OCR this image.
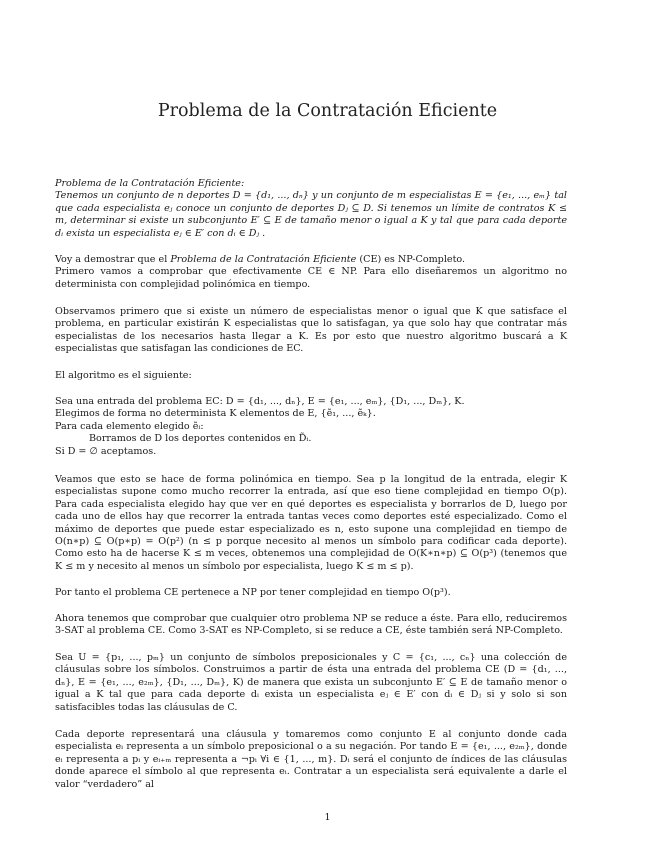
Problema de la Contratación Eficiente

Problema de la Contratación Eficiente:

Tenemos un conjunto de n deportes D = {d₁, ..., dₙ} y un conjunto de m especialistas E = {e₁, ..., eₘ} tal que cada especialista eⱼ conoce un conjunto de deportes Dⱼ ⊆ D. Si tenemos un límite de contratos K ≤ m, determinar si existe un subconjunto E′ ⊆ E de tamaño menor o igual a K y tal que para cada deporte dᵢ exista un especialista eⱼ ∈ E′ con dᵢ ∈ Dⱼ .

Voy a demostrar que el Problema de la Contratación Eficiente (CE) es NP-Completo.

Primero vamos a comprobar que efectivamente CE ∈ NP. Para ello diseñaremos un algoritmo no determinista con complejidad polinómica en tiempo.

Observamos primero que si existe un número de especialistas menor o igual que K que satisface el problema, en particular existirán K especialistas que lo satisfagan, ya que solo hay que contratar más especialistas de los necesarios hasta llegar a K. Es por esto que nuestro algoritmo buscará a K especialistas que satisfagan las condiciones de EC.

El algoritmo es el siguiente:

Sea una entrada del problema EC: D = {d₁, ..., dₙ}, E = {e₁, ..., eₘ}, {D₁, ..., Dₘ}, K.

Elegimos de forma no determinista K elementos de E, {ẽ₁, ..., ẽₖ}.

Para cada elemento elegido ẽᵢ:

Borramos de D los deportes contenidos en D̃ᵢ.

Si D = ∅ aceptamos.

Veamos que esto se hace de forma polinómica en tiempo. Sea p la longitud de la entrada, elegir K especialistas supone como mucho recorrer la entrada, así que eso tiene complejidad en tiempo O(p). Para cada especialista elegido hay que ver en qué deportes es especialista y borrarlos de D, luego por cada uno de ellos hay que recorrer la entrada tantas veces como deportes esté especializado. Como el máximo de deportes que puede estar especializado es n, esto supone una complejidad en tiempo de O(n∗p) ⊆ O(p∗p) = O(p²) (n ≤ p porque necesito al menos un símbolo para codificar cada deporte). Como esto ha de hacerse K ≤ m veces, obtenemos una complejidad de O(K∗n∗p) ⊆ O(p³) (tenemos que K ≤ m y necesito al menos un símbolo por especialista, luego K ≤ m ≤ p).

Por tanto el problema CE pertenece a NP por tener complejidad en tiempo O(p³).

Ahora tenemos que comprobar que cualquier otro problema NP se reduce a éste. Para ello, reduciremos 3-SAT al problema CE. Como 3-SAT es NP-Completo, si se reduce a CE, éste también será NP-Completo.

Sea U = {p₁, ..., pₘ} un conjunto de símbolos preposicionales y C = {c₁, ..., cₙ} una colección de cláusulas sobre los símbolos. Construimos a partir de ésta una entrada del problema CE (D = {d₁, ..., dₙ}, E = {e₁, ..., e₂ₘ}, {D₁, ..., Dₘ}, K) de manera que exista un subconjunto E′ ⊆ E de tamaño menor o igual a K tal que para cada deporte dᵢ exista un especialista eⱼ ∈ E′ con dᵢ ∈ Dⱼ si y solo si son satisfacibles todas las cláusulas de C.

Cada deporte representará una cláusula y tomaremos como conjunto E al conjunto donde cada especialista eᵢ representa a un símbolo preposicional o a su negación. Por tando E = {e₁, ..., e₂ₘ}, donde eᵢ representa a pᵢ y eᵢ₊ₘ representa a ¬pᵢ ∀i ∈ {1, ..., m}. Dᵢ será el conjunto de índices de las cláusulas donde aparece el símbolo al que representa eᵢ. Contratar a un especialista será equivalente a darle el valor “verdadero” al

1
